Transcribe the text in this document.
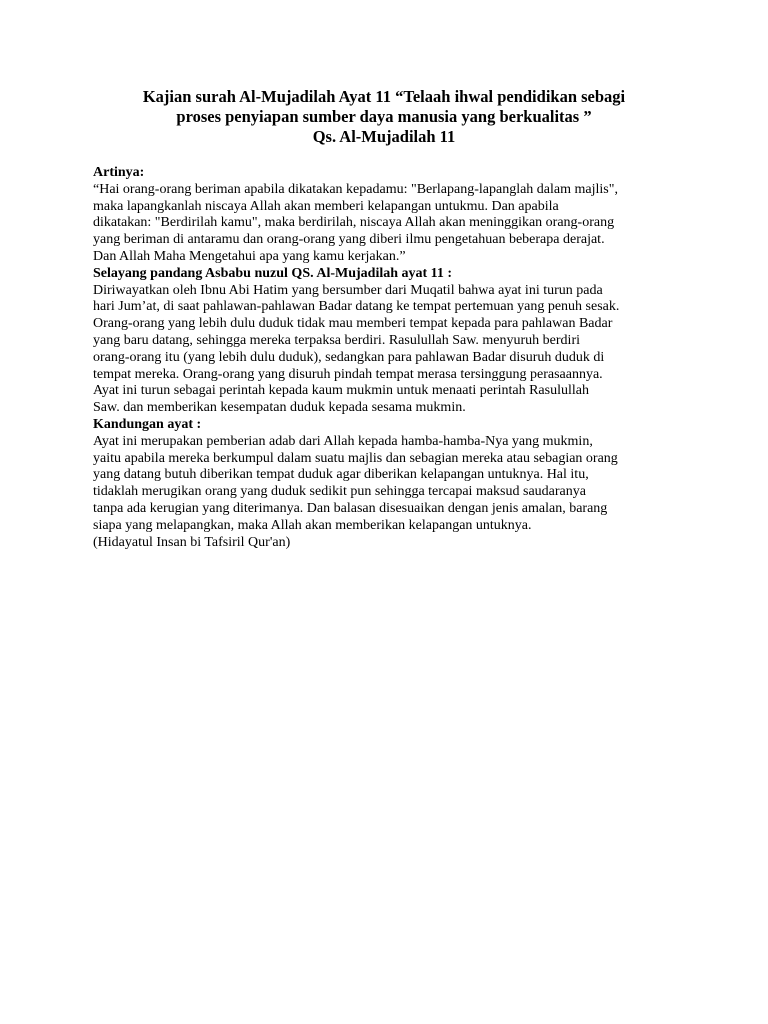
Kajian surah Al-Mujadilah Ayat 11 “Telaah ihwal pendidikan sebagi
proses penyiapan sumber daya manusia yang berkualitas ”
Qs. Al-Mujadilah 11
Artinya:
“Hai orang-orang beriman apabila dikatakan kepadamu: "Berlapang-lapanglah dalam majlis",
maka lapangkanlah niscaya Allah akan memberi kelapangan untukmu. Dan apabila
dikatakan: "Berdirilah kamu", maka berdirilah, niscaya Allah akan meninggikan orang-orang
yang beriman di antaramu dan orang-orang yang diberi ilmu pengetahuan beberapa derajat.
Dan Allah Maha Mengetahui apa yang kamu kerjakan.”
Selayang pandang Asbabu nuzul QS. Al-Mujadilah ayat 11 :
Diriwayatkan oleh Ibnu Abi Hatim yang bersumber dari Muqatil bahwa ayat ini turun pada
hari Jum’at, di saat pahlawan-pahlawan Badar datang ke tempat pertemuan yang penuh sesak.
Orang-orang yang lebih dulu duduk tidak mau memberi tempat kepada para pahlawan Badar
yang baru datang, sehingga mereka terpaksa berdiri. Rasulullah Saw. menyuruh berdiri
orang-orang itu (yang lebih dulu duduk), sedangkan para pahlawan Badar disuruh duduk di
tempat mereka. Orang-orang yang disuruh pindah tempat merasa tersinggung perasaannya.
Ayat ini turun sebagai perintah kepada kaum mukmin untuk menaati perintah Rasulullah
Saw. dan memberikan kesempatan duduk kepada sesama mukmin.
Kandungan ayat :
Ayat ini merupakan pemberian adab dari Allah kepada hamba-hamba-Nya yang mukmin,
yaitu apabila mereka berkumpul dalam suatu majlis dan sebagian mereka atau sebagian orang
yang datang butuh diberikan tempat duduk agar diberikan kelapangan untuknya. Hal itu,
tidaklah merugikan orang yang duduk sedikit pun sehingga tercapai maksud saudaranya
tanpa ada kerugian yang diterimanya. Dan balasan disesuaikan dengan jenis amalan, barang
siapa yang melapangkan, maka Allah akan memberikan kelapangan untuknya.
(Hidayatul Insan bi Tafsiril Qur'an)
